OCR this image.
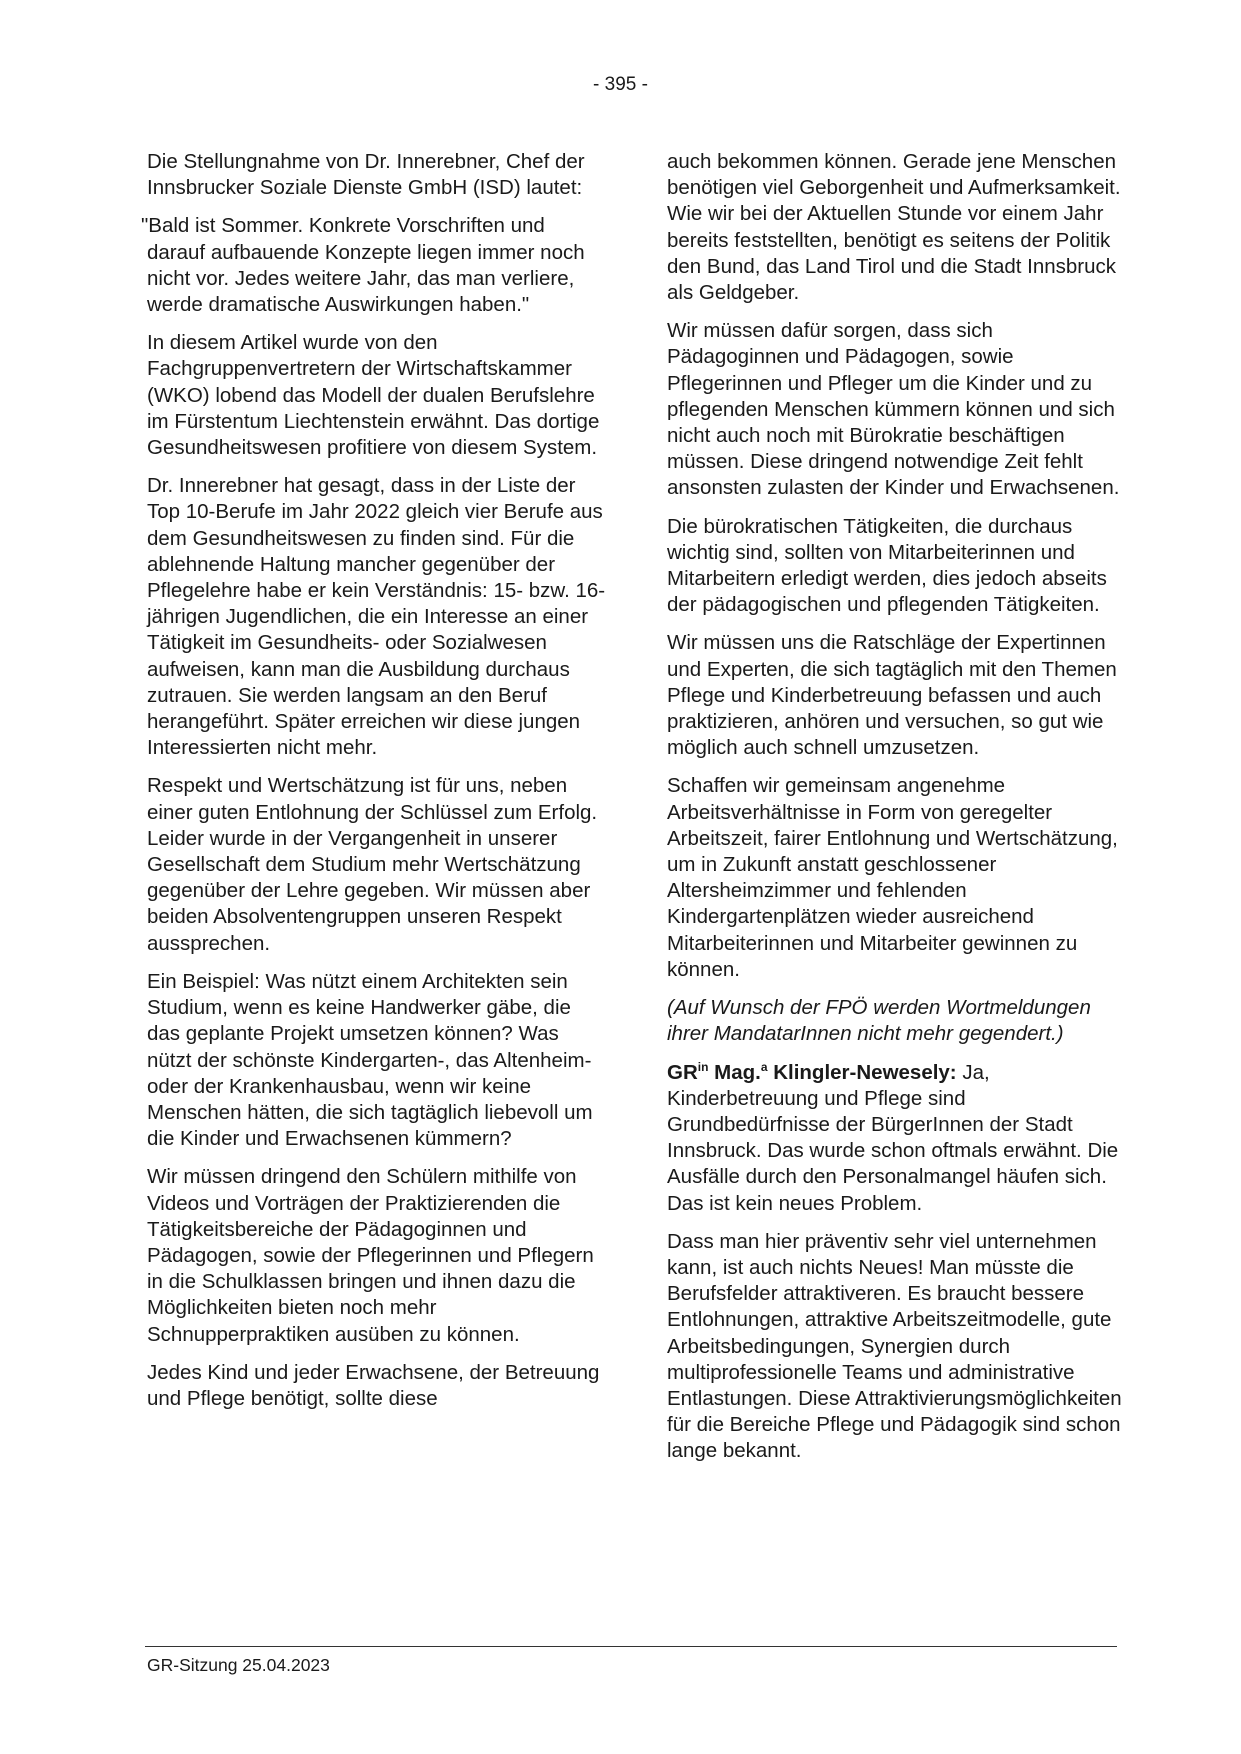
- 395 -

Die Stellungnahme von Dr. Innerebner, Chef der Innsbrucker Soziale Dienste GmbH (ISD) lautet:

"Bald ist Sommer. Konkrete Vorschriften und darauf aufbauende Konzepte liegen immer noch nicht vor. Jedes weitere Jahr, das man verliere, werde dramatische Auswirkungen haben."

In diesem Artikel wurde von den Fachgruppenvertretern der Wirtschaftskammer (WKO) lobend das Modell der dualen Berufslehre im Fürstentum Liechtenstein erwähnt. Das dortige Gesundheitswesen profitiere von diesem System.

Dr. Innerebner hat gesagt, dass in der Liste der Top 10-Berufe im Jahr 2022 gleich vier Berufe aus dem Gesundheitswesen zu finden sind. Für die ablehnende Haltung mancher gegenüber der Pflegelehre habe er kein Verständnis: 15- bzw. 16-jährigen Jugendlichen, die ein Interesse an einer Tätigkeit im Gesundheits- oder Sozialwesen aufweisen, kann man die Ausbildung durchaus zutrauen. Sie werden langsam an den Beruf herangeführt. Später erreichen wir diese jungen Interessierten nicht mehr.

Respekt und Wertschätzung ist für uns, neben einer guten Entlohnung der Schlüssel zum Erfolg. Leider wurde in der Vergangenheit in unserer Gesellschaft dem Studium mehr Wertschätzung gegenüber der Lehre gegeben. Wir müssen aber beiden Absolventengruppen unseren Respekt aussprechen.

Ein Beispiel: Was nützt einem Architekten sein Studium, wenn es keine Handwerker gäbe, die das geplante Projekt umsetzen können? Was nützt der schönste Kindergarten-, das Altenheim- oder der Krankenhausbau, wenn wir keine Menschen hätten, die sich tagtäglich liebevoll um die Kinder und Erwachsenen kümmern?

Wir müssen dringend den Schülern mithilfe von Videos und Vorträgen der Praktizierenden die Tätigkeitsbereiche der Pädagoginnen und Pädagogen, sowie der Pflegerinnen und Pflegern in die Schulklassen bringen und ihnen dazu die Möglichkeiten bieten noch mehr Schnupperpraktiken ausüben zu können.

Jedes Kind und jeder Erwachsene, der Betreuung und Pflege benötigt, sollte diese

auch bekommen können. Gerade jene Menschen benötigen viel Geborgenheit und Aufmerksamkeit. Wie wir bei der Aktuellen Stunde vor einem Jahr bereits feststellten, benötigt es seitens der Politik den Bund, das Land Tirol und die Stadt Innsbruck als Geldgeber.

Wir müssen dafür sorgen, dass sich Pädagoginnen und Pädagogen, sowie Pflegerinnen und Pfleger um die Kinder und zu pflegenden Menschen kümmern können und sich nicht auch noch mit Bürokratie beschäftigen müssen. Diese dringend notwendige Zeit fehlt ansonsten zulasten der Kinder und Erwachsenen.

Die bürokratischen Tätigkeiten, die durchaus wichtig sind, sollten von Mitarbeiterinnen und Mitarbeitern erledigt werden, dies jedoch abseits der pädagogischen und pflegenden Tätigkeiten.

Wir müssen uns die Ratschläge der Expertinnen und Experten, die sich tagtäglich mit den Themen Pflege und Kinderbetreuung befassen und auch praktizieren, anhören und versuchen, so gut wie möglich auch schnell umzusetzen.

Schaffen wir gemeinsam angenehme Arbeitsverhältnisse in Form von geregelter Arbeitszeit, fairer Entlohnung und Wertschätzung, um in Zukunft anstatt geschlossener Altersheimzimmer und fehlenden Kindergartenplätzen wieder ausreichend Mitarbeiterinnen und Mitarbeiter gewinnen zu können.

(Auf Wunsch der FPÖ werden Wortmeldungen ihrer MandatarInnen nicht mehr gegendert.)

$GR^{in}$ Mag.$^a$ Klingler-Newesely: Ja, Kinderbetreuung und Pflege sind Grundbedürfnisse der BürgerInnen der Stadt Innsbruck. Das wurde schon oftmals erwähnt. Die Ausfälle durch den Personalmangel häufen sich. Das ist kein neues Problem.

Dass man hier präventiv sehr viel unternehmen kann, ist auch nichts Neues! Man müsste die Berufsfelder attraktiveren. Es braucht bessere Entlohnungen, attraktive Arbeitszeitmodelle, gute Arbeitsbedingungen, Synergien durch multiprofessionelle Teams und administrative Entlastungen. Diese Attraktivierungsmöglichkeiten für die Bereiche Pflege und Pädagogik sind schon lange bekannt.

GR-Sitzung 25.04.2023
